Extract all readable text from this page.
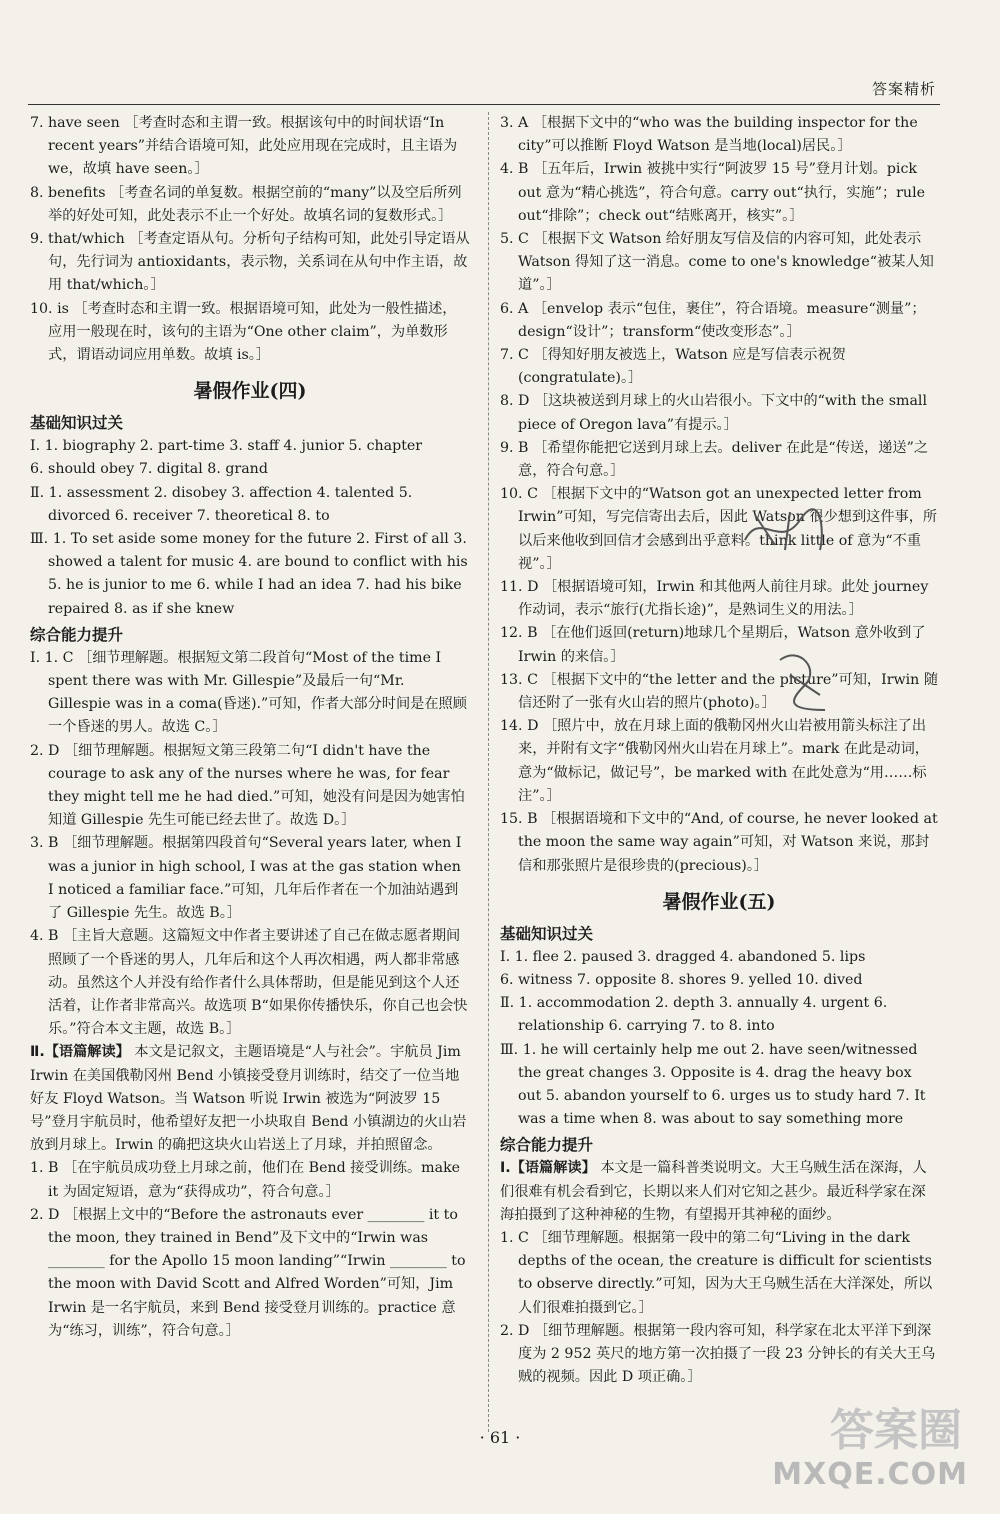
答案精析

7. have seen ［考查时态和主谓一致。根据该句中的时间状语“In recent years”并结合语境可知，此处应用现在完成时，且主语为 we，故填 have seen。］

8. benefits ［考查名词的单复数。根据空前的“many”以及空后所列举的好处可知，此处表示不止一个好处。故填名词的复数形式。］

9. that/which ［考查定语从句。分析句子结构可知，此处引导定语从句，先行词为 antioxidants，表示物，关系词在从句中作主语，故用 that/which。］

10. is ［考查时态和主谓一致。根据语境可知，此处为一般性描述，应用一般现在时，该句的主语为“One other claim”，为单数形式，谓语动词应用单数。故填 is。］

暑假作业(四)
基础知识过关

Ⅰ. 1. biography 2. part-time 3. staff 4. junior 5. chapter

6. should obey 7. digital 8. grand

Ⅱ. 1. assessment 2. disobey 3. affection 4. talented 5. divorced 6. receiver 7. theoretical 8. to

Ⅲ. 1. To set aside some money for the future 2. First of all 3. showed a talent for music 4. are bound to conflict with his 5. he is junior to me 6. while I had an idea 7. had his bike repaired 8. as if she knew

综合能力提升

Ⅰ. 1. C ［细节理解题。根据短文第二段首句“Most of the time I spent there was with Mr. Gillespie”及最后一句“Mr. Gillespie was in a coma(昏迷).”可知，作者大部分时间是在照顾一个昏迷的男人。故选 C。］

2. D ［细节理解题。根据短文第三段第二句“I didn't have the courage to ask any of the nurses where he was, for fear they might tell me he had died.”可知，她没有问是因为她害怕知道 Gillespie 先生可能已经去世了。故选 D。］

3. B ［细节理解题。根据第四段首句“Several years later, when I was a junior in high school, I was at the gas station when I noticed a familiar face.”可知，几年后作者在一个加油站遇到了 Gillespie 先生。故选 B。］

4. B ［主旨大意题。这篇短文中作者主要讲述了自己在做志愿者期间照顾了一个昏迷的男人，几年后和这个人再次相遇，两人都非常感动。虽然这个人并没有给作者什么具体帮助，但是能见到这个人还活着，让作者非常高兴。故选项 B“如果你传播快乐，你自己也会快乐。”符合本文主题，故选 B。］

Ⅱ.【语篇解读】 本文是记叙文，主题语境是“人与社会”。宇航员 Jim Irwin 在美国俄勒冈州 Bend 小镇接受登月训练时，结交了一位当地好友 Floyd Watson。当 Watson 听说 Irwin 被选为“阿波罗 15 号”登月宇航员时，他希望好友把一小块取自 Bend 小镇湖边的火山岩放到月球上。Irwin 的确把这块火山岩送上了月球，并拍照留念。

1. B ［在宇航员成功登上月球之前，他们在 Bend 接受训练。make it 为固定短语，意为“获得成功”，符合句意。］

2. D ［根据上文中的“Before the astronauts ever ________ it to the moon, they trained in Bend”及下文中的“Irwin was ________ for the Apollo 15 moon landing”“Irwin ________ to the moon with David Scott and Alfred Worden”可知，Jim Irwin 是一名宇航员，来到 Bend 接受登月训练的。practice 意为“练习，训练”，符合句意。］

3. A ［根据下文中的“who was the building inspector for the city”可以推断 Floyd Watson 是当地(local)居民。］

4. B ［五年后，Irwin 被挑中实行“阿波罗 15 号”登月计划。pick out 意为“精心挑选”，符合句意。carry out“执行，实施”；rule out“排除”；check out“结账离开，核实”。］

5. C ［根据下文 Watson 给好朋友写信及信的内容可知，此处表示 Watson 得知了这一消息。come to one's knowledge“被某人知道”。］

6. A ［envelop 表示“包住，裹住”，符合语境。measure“测量”；design“设计”；transform“使改变形态”。］

7. C ［得知好朋友被选上，Watson 应是写信表示祝贺(congratulate)。］

8. D ［这块被送到月球上的火山岩很小。下文中的“with the small piece of Oregon lava”有提示。］

9. B ［希望你能把它送到月球上去。deliver 在此是“传送，递送”之意，符合句意。］

10. C ［根据下文中的“Watson got an unexpected letter from Irwin”可知，写完信寄出去后，因此 Watson 很少想到这件事，所以后来他收到回信才会感到出乎意料。think little of 意为“不重视”。］

11. D ［根据语境可知，Irwin 和其他两人前往月球。此处 journey 作动词，表示“旅行(尤指长途)”，是熟词生义的用法。］

12. B ［在他们返回(return)地球几个星期后，Watson 意外收到了 Irwin 的来信。］

13. C ［根据下文中的“the letter and the picture”可知，Irwin 随信还附了一张有火山岩的照片(photo)。］

14. D ［照片中，放在月球上面的俄勒冈州火山岩被用箭头标注了出来，并附有文字“俄勒冈州火山岩在月球上”。mark 在此是动词，意为“做标记，做记号”，be marked with 在此处意为“用……标注”。］

15. B ［根据语境和下文中的“And, of course, he never looked at the moon the same way again”可知，对 Watson 来说，那封信和那张照片是很珍贵的(precious)。］

暑假作业(五)
基础知识过关

Ⅰ. 1. flee 2. paused 3. dragged 4. abandoned 5. lips

6. witness 7. opposite 8. shores 9. yelled 10. dived

Ⅱ. 1. accommodation 2. depth 3. annually 4. urgent 6. relationship 6. carrying 7. to 8. into

Ⅲ. 1. he will certainly help me out 2. have seen/witnessed the great changes 3. Opposite is 4. drag the heavy box out 5. abandon yourself to 6. urges us to study hard 7. It was a time when 8. was about to say something more

综合能力提升

Ⅰ.【语篇解读】 本文是一篇科普类说明文。大王乌贼生活在深海，人们很难有机会看到它，长期以来人们对它知之甚少。最近科学家在深海拍摄到了这种神秘的生物，有望揭开其神秘的面纱。

1. C ［细节理解题。根据第一段中的第二句“Living in the dark depths of the ocean, the creature is difficult for scientists to observe directly.”可知，因为大王乌贼生活在大洋深处，所以人们很难拍摄到它。］

2. D ［细节理解题。根据第一段内容可知，科学家在北太平洋下到深度为 2 952 英尺的地方第一次拍摄了一段 23 分钟长的有关大王乌贼的视频。因此 D 项正确。］

· 61 ·	答案圈
MXQE.COM
